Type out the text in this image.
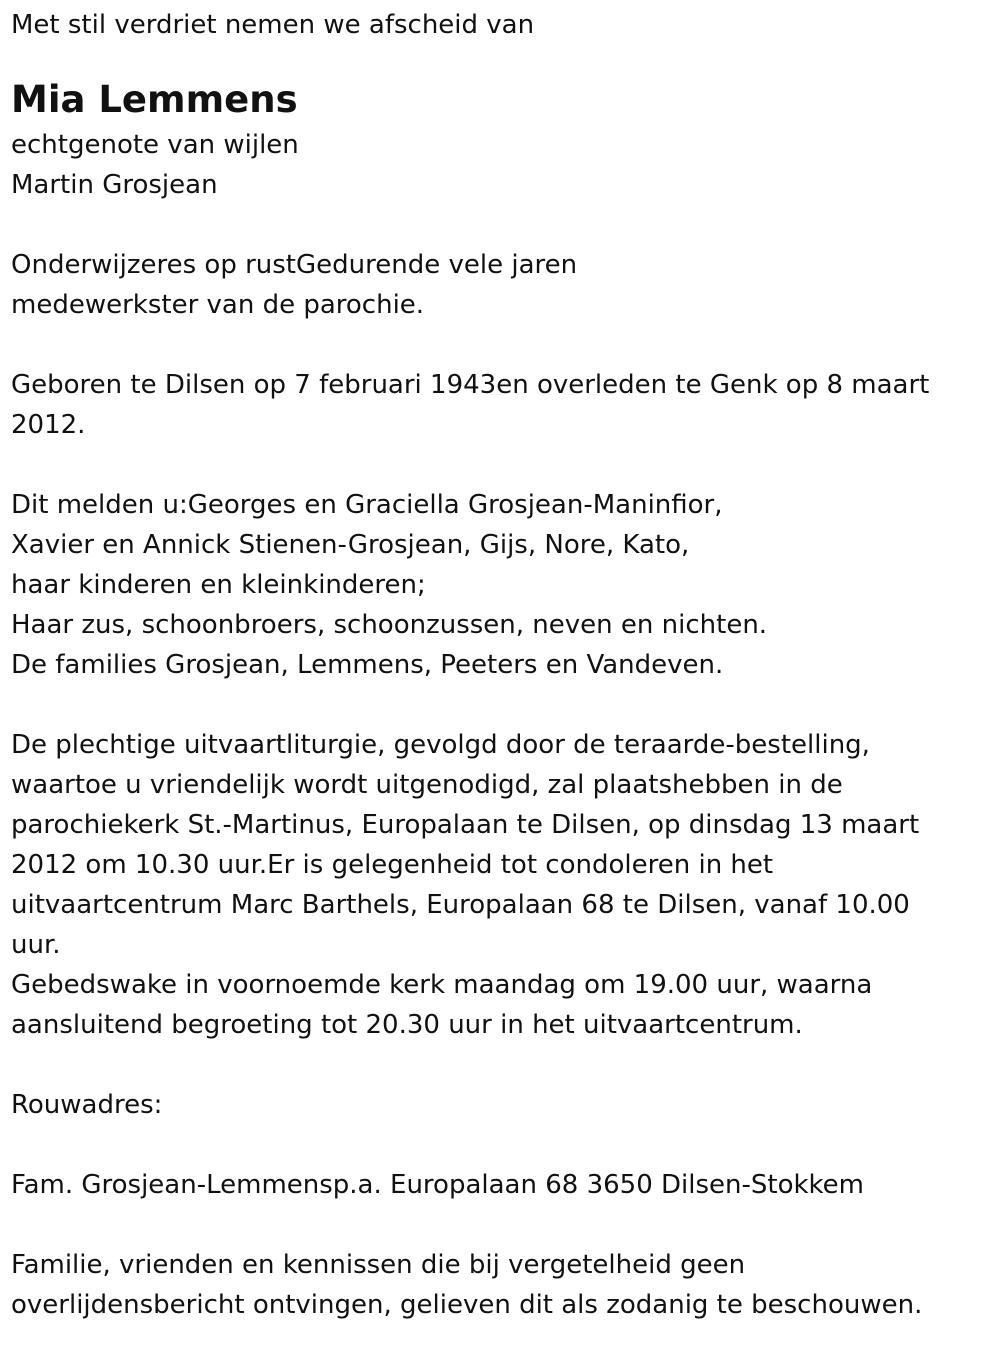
Met stil verdriet nemen we afscheid van
Mia Lemmens
echtgenote van wijlen
Martin Grosjean
Onderwijzeres op rustGedurende vele jaren
medewerkster van de parochie.
Geboren te Dilsen op 7 februari 1943en overleden te Genk op 8 maart
2012.
Dit melden u:Georges en Graciella Grosjean-Maninfior,
Xavier en Annick Stienen-Grosjean, Gijs, Nore, Kato,
haar kinderen en kleinkinderen;
Haar zus, schoonbroers, schoonzussen, neven en nichten.
De families Grosjean, Lemmens, Peeters en Vandeven.
De plechtige uitvaartliturgie, gevolgd door de teraarde-bestelling,
waartoe u vriendelijk wordt uitgenodigd, zal plaatshebben in de
parochiekerk St.-Martinus, Europalaan te Dilsen, op dinsdag 13 maart
2012 om 10.30 uur.Er is gelegenheid tot condoleren in het
uitvaartcentrum Marc Barthels, Europalaan 68 te Dilsen, vanaf 10.00
uur.
Gebedswake in voornoemde kerk maandag om 19.00 uur, waarna
aansluitend begroeting tot 20.30 uur in het uitvaartcentrum.
Rouwadres:
Fam. Grosjean-Lemmensp.a. Europalaan 68 3650 Dilsen-Stokkem
Familie, vrienden en kennissen die bij vergetelheid geen
overlijdensbericht ontvingen, gelieven dit als zodanig te beschouwen.
